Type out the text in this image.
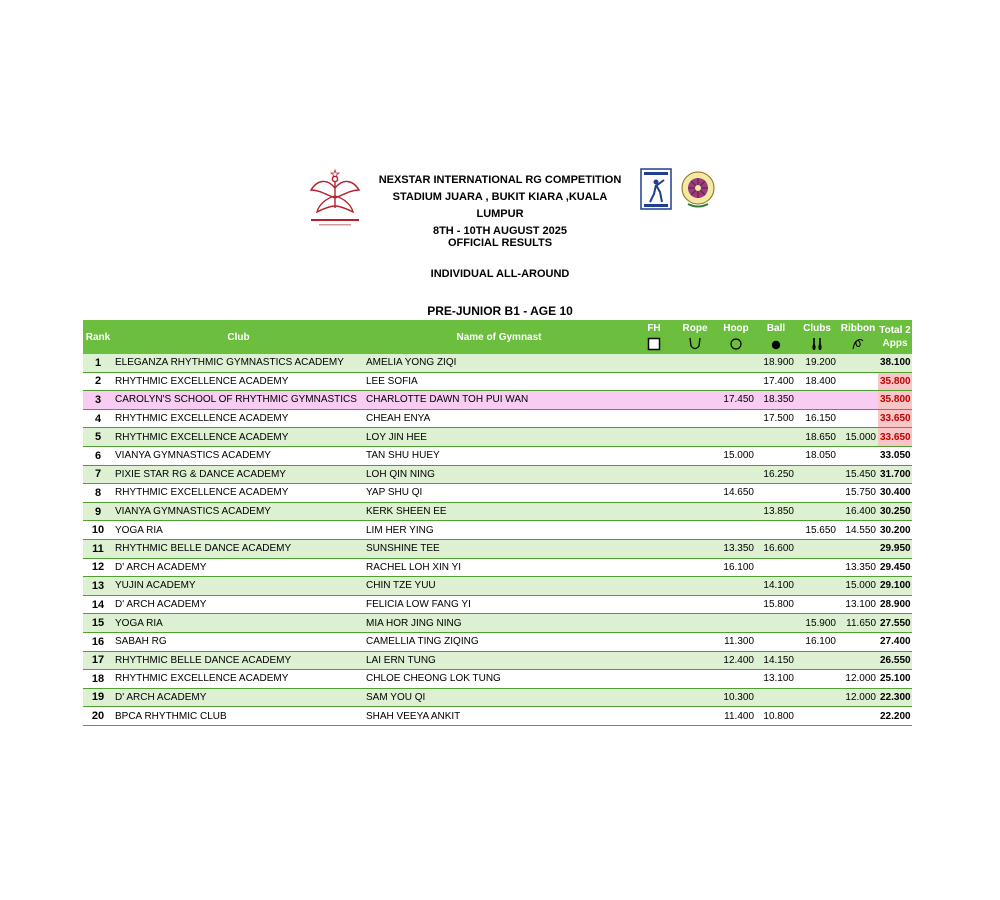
NEXSTAR INTERNATIONAL RG COMPETITION
STADIUM JUARA , BUKIT KIARA ,KUALA LUMPUR
8TH - 10TH AUGUST 2025
OFFICIAL RESULTS
INDIVIDUAL ALL-AROUND
PRE-JUNIOR B1 - AGE 10
Rank	Club	Name of Gymnast	FH	Rope	Hoop	Ball	Clubs	Ribbon	Total 2
Apps

1	ELEGANZA RHYTHMIC GYMNASTICS ACADEMY	AMELIA YONG ZIQI				18.900	19.200		38.100
2	RHYTHMIC EXCELLENCE ACADEMY	LEE SOFIA				17.400	18.400		35.800
3	CAROLYN'S SCHOOL OF RHYTHMIC GYMNASTICS	CHARLOTTE DAWN TOH PUI WAN			17.450	18.350			35.800
4	RHYTHMIC EXCELLENCE ACADEMY	CHEAH ENYA				17.500	16.150		33.650
5	RHYTHMIC EXCELLENCE ACADEMY	LOY JIN HEE					18.650	15.000	33.650
6	VIANYA GYMNASTICS ACADEMY	TAN SHU HUEY			15.000		18.050		33.050
7	PIXIE STAR RG & DANCE ACADEMY	LOH QIN NING				16.250		15.450	31.700
8	RHYTHMIC EXCELLENCE ACADEMY	YAP SHU QI			14.650			15.750	30.400
9	VIANYA GYMNASTICS ACADEMY	KERK SHEEN EE				13.850		16.400	30.250
10	YOGA RIA	LIM HER YING					15.650	14.550	30.200
11	RHYTHMIC BELLE DANCE ACADEMY	SUNSHINE TEE			13.350	16.600			29.950
12	D' ARCH ACADEMY	RACHEL LOH XIN YI			16.100			13.350	29.450
13	YUJIN ACADEMY	CHIN TZE YUU				14.100		15.000	29.100
14	D' ARCH ACADEMY	FELICIA LOW FANG YI				15.800		13.100	28.900
15	YOGA RIA	MIA HOR JING NING					15.900	11.650	27.550
16	SABAH RG	CAMELLIA TING ZIQING			11.300		16.100		27.400
17	RHYTHMIC BELLE DANCE ACADEMY	LAI ERN TUNG			12.400	14.150			26.550
18	RHYTHMIC EXCELLENCE ACADEMY	CHLOE CHEONG LOK TUNG				13.100		12.000	25.100
19	D' ARCH ACADEMY	SAM YOU QI			10.300			12.000	22.300
20	BPCA RHYTHMIC CLUB	SHAH VEEYA ANKIT			11.400	10.800			22.200
